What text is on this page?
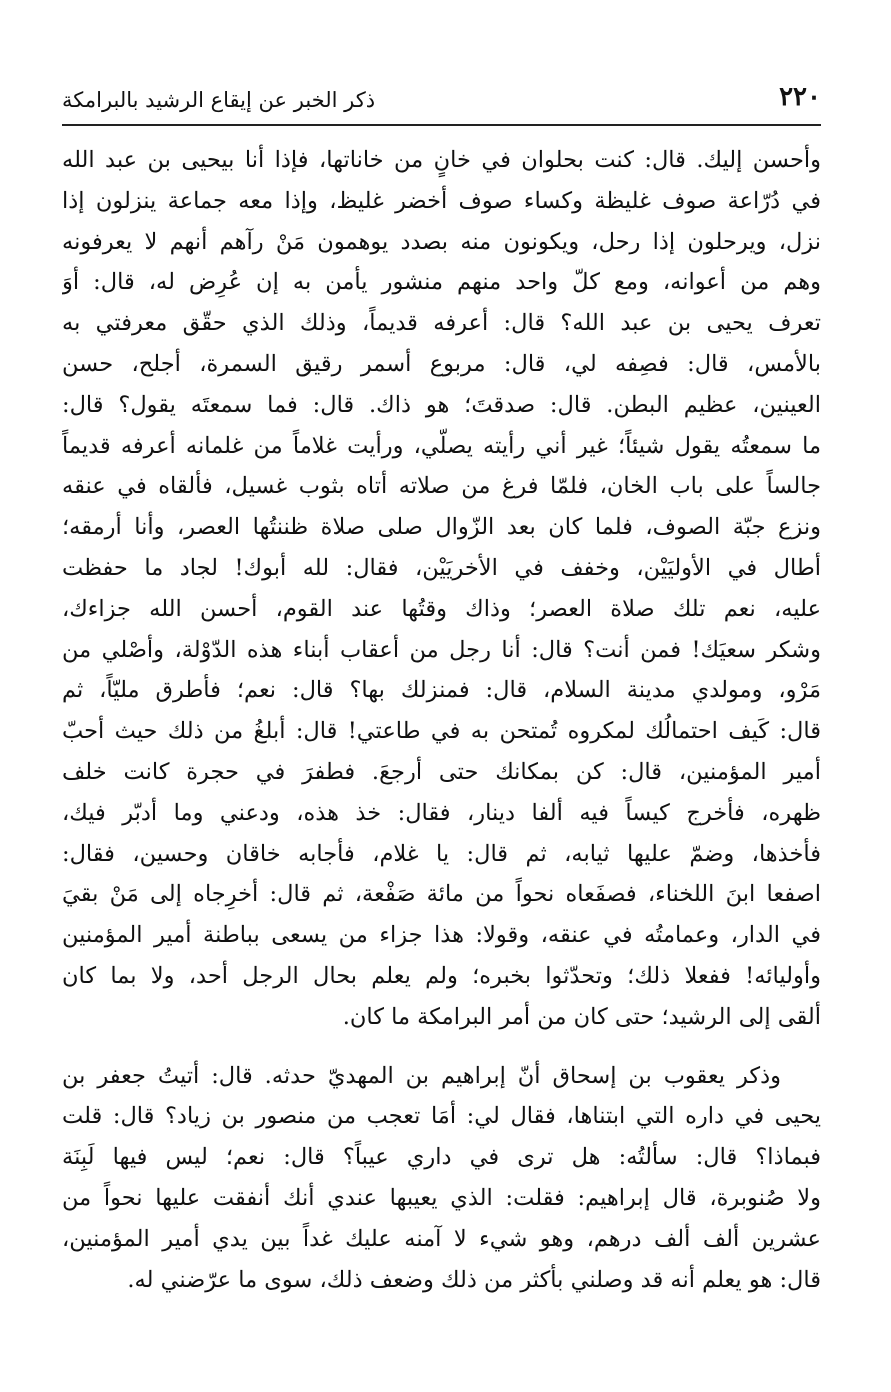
٢٢٠
ذكر الخبر عن إيقاع الرشيد بالبرامكة
وأحسن إليك. قال: كنت بحلوان في خانٍ من خاناتها، فإذا أنا بيحيى بن عبد الله
في دُرّاعة صوف غليظة وكساء صوف أخضر غليظ، وإذا معه جماعة ينزلون إذا
نزل، ويرحلون إذا رحل، ويكونون منه بصدد يوهمون مَنْ رآهم أنهم لا يعرفونه
وهم من أعوانه، ومع كلّ واحد منهم منشور يأمن به إن عُرِض له، قال: أوَ
تعرف يحيى بن عبد الله؟ قال: أعرفه قديماً، وذلك الذي حقّق معرفتي به
بالأمس، قال: فصِفه لي، قال: مربوع أسمر رقيق السمرة، أجلح، حسن
العينين، عظيم البطن. قال: صدقتَ؛ هو ذاك. قال: فما سمعتَه يقول؟ قال:
ما سمعتُه يقول شيئاً؛ غير أني رأيته يصلّي، ورأيت غلاماً من غلمانه أعرفه قديماً
جالساً على باب الخان، فلمّا فرغ من صلاته أتاه بثوب غسيل، فألقاه في عنقه
ونزع جبّة الصوف، فلما كان بعد الزّوال صلى صلاة ظننتُها العصر، وأنا أرمقه؛
أطال في الأوليَيْن، وخفف في الأخريَيْن، فقال: لله أبوك! لجاد ما حفظت
عليه، نعم تلك صلاة العصر؛ وذاك وقتُها عند القوم، أحسن الله جزاءك،
وشكر سعيَك! فمن أنت؟ قال: أنا رجل من أعقاب أبناء هذه الدّوْلة، وأصْلي من
مَرْو، ومولدي مدينة السلام، قال: فمنزلك بها؟ قال: نعم؛ فأطرق مليّاً، ثم
قال: كَيف احتمالُك لمكروه تُمتحن به في طاعتي! قال: أبلغُ من ذلك حيث أحبّ
أمير المؤمنين، قال: كن بمكانك حتى أرجعَ. فطفرَ في حجرة كانت خلف
ظهره، فأخرج كيساً فيه ألفا دينار، فقال: خذ هذه، ودعني وما أدبّر فيك،
فأخذها، وضمّ عليها ثيابه، ثم قال: يا غلام، فأجابه خاقان وحسين، فقال:
اصفعا ابنَ اللخناء، فصفَعاه نحواً من مائة صَفْعة، ثم قال: أخرِجاه إلى مَنْ بقيَ
في الدار، وعمامتُه في عنقه، وقولا: هذا جزاء من يسعى بباطنة أمير المؤمنين
وأوليائه! ففعلا ذلك؛ وتحدّثوا بخبره؛ ولم يعلم بحال الرجل أحد، ولا بما كان
ألقى إلى الرشيد؛ حتى كان من أمر البرامكة ما كان.
وذكر يعقوب بن إسحاق أنّ إبراهيم بن المهديّ حدثه. قال: أتيتُ جعفر بن
يحيى في داره التي ابتناها، فقال لي: أمَا تعجب من منصور بن زياد؟ قال: قلت
فبماذا؟ قال: سألتُه: هل ترى في داري عيباً؟ قال: نعم؛ ليس فيها لَبِنَة
ولا صُنوبرة، قال إبراهيم: فقلت: الذي يعيبها عندي أنك أنفقت عليها نحواً من
عشرين ألف ألف درهم، وهو شيء لا آمنه عليك غداً بين يدي أمير المؤمنين،
قال: هو يعلم أنه قد وصلني بأكثر من ذلك وضعف ذلك، سوى ما عرّضني له.
